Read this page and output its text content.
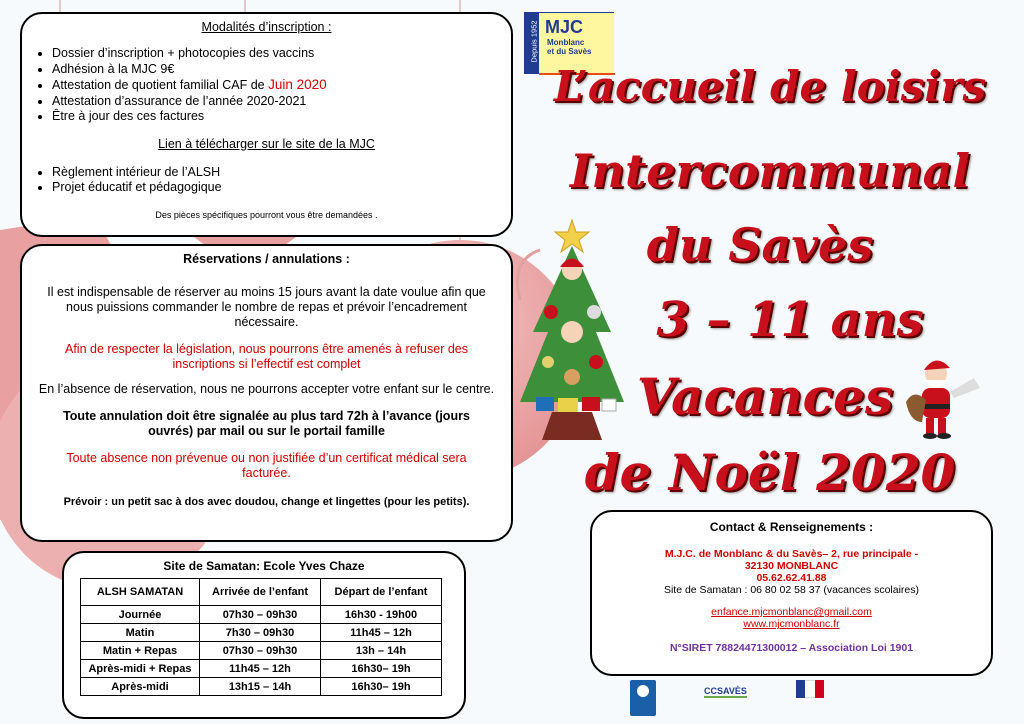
Modalités d’inscription :
• Dossier d’inscription + photocopies des vaccins
• Adhésion à la MJC 9€
• Attestation de quotient familial CAF de Juin 2020
• Attestation d’assurance de l’année 2020-2021
• Être à jour des ces factures
Lien à télécharger sur le site de la MJC
• Règlement intérieur de l’ALSH
• Projet éducatif et pédagogique
Des pièces spécifiques pourront vous être demandées .
Réservations / annulations :

Il est indispensable de réserver au moins 15 jours avant la date voulue afin que nous puissions commander le nombre de repas et prévoir l’encadrement nécessaire.

Afin de respecter la législation, nous pourrons être amenés à refuser des inscriptions si l’effectif est complet

En l’absence de réservation, nous ne pourrons accepter votre enfant sur le centre.

Toute annulation doit être signalée au plus tard 72h à l’avance (jours ouvrés) par mail ou sur le portail famille

Toute absence non prévenue ou non justifiée d’un certificat médical sera facturée.

Prévoir : un petit sac à dos avec doudou, change et lingettes (pour les petits).

Site de Samatan: Ecole Yves Chaze
ALSH SAMATAN	Arrivée de l’enfant	Départ de l’enfant
Journée	07h30 – 09h30	16h30 - 19h00
Matin	7h30 – 09h30	11h45 – 12h
Matin + Repas	07h30 – 09h30	13h – 14h
Après-midi + Repas	11h45 – 12h	16h30– 19h
Après-midi	13h15 – 14h	16h30– 19h
Depuis 1952 MJC
Monblanc
et du Savès
L’accueil de loisirs
Intercommunal
du Savès
3 – 11 ans
Vacances
de Noël 2020
Contact & Renseignements :
M.J.C. de Monblanc & du Savès– 2, rue principale -
32130 MONBLANC
05.62.62.41.88
Site de Samatan : 06 80 02 58 37 (vacances scolaires)
enfance.mjcmonblanc@gmail.com
www.mjcmonblanc.fr
N°SIRET 78824471300012 – Association Loi 1901
CCSAVÈS
